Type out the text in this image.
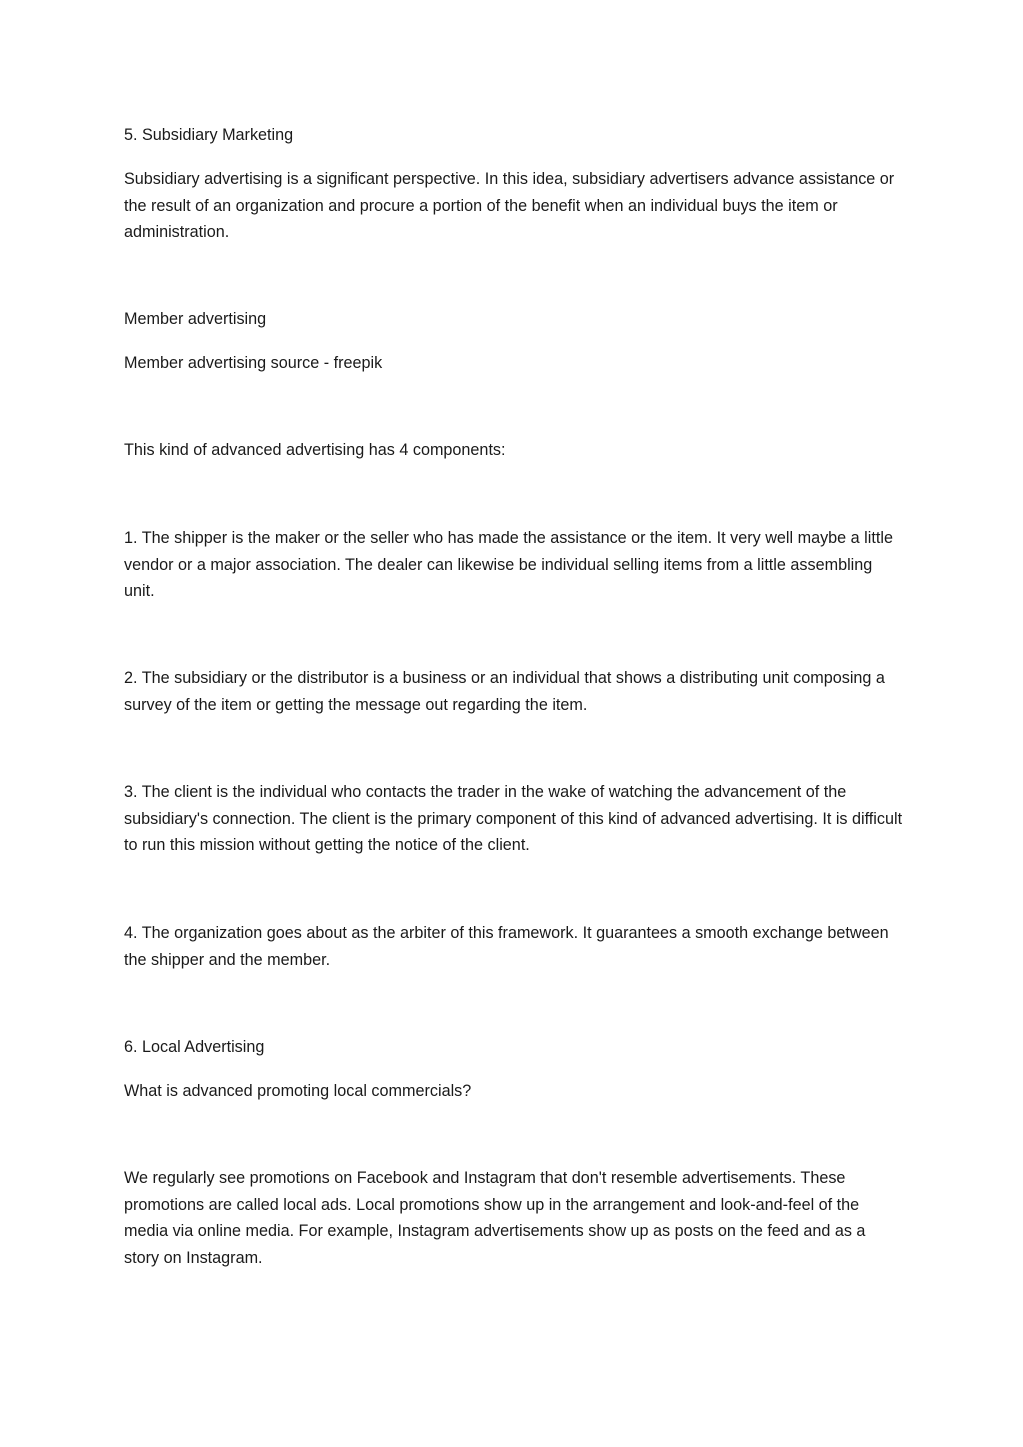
5. Subsidiary Marketing

Subsidiary advertising is a significant perspective. In this idea, subsidiary advertisers advance assistance or the result of an organization and procure a portion of the benefit when an individual buys the item or administration.

Member advertising

Member advertising source - freepik

This kind of advanced advertising has 4 components:

1. The shipper is the maker or the seller who has made the assistance or the item. It very well maybe a little vendor or a major association. The dealer can likewise be individual selling items from a little assembling unit.

2. The subsidiary or the distributor is a business or an individual that shows a distributing unit composing a survey of the item or getting the message out regarding the item.

3. The client is the individual who contacts the trader in the wake of watching the advancement of the subsidiary's connection. The client is the primary component of this kind of advanced advertising. It is difficult to run this mission without getting the notice of the client.

4. The organization goes about as the arbiter of this framework. It guarantees a smooth exchange between the shipper and the member.

6. Local Advertising

What is advanced promoting local commercials?

We regularly see promotions on Facebook and Instagram that don't resemble advertisements. These promotions are called local ads. Local promotions show up in the arrangement and look-and-feel of the media via online media. For example, Instagram advertisements show up as posts on the feed and as a story on Instagram.
